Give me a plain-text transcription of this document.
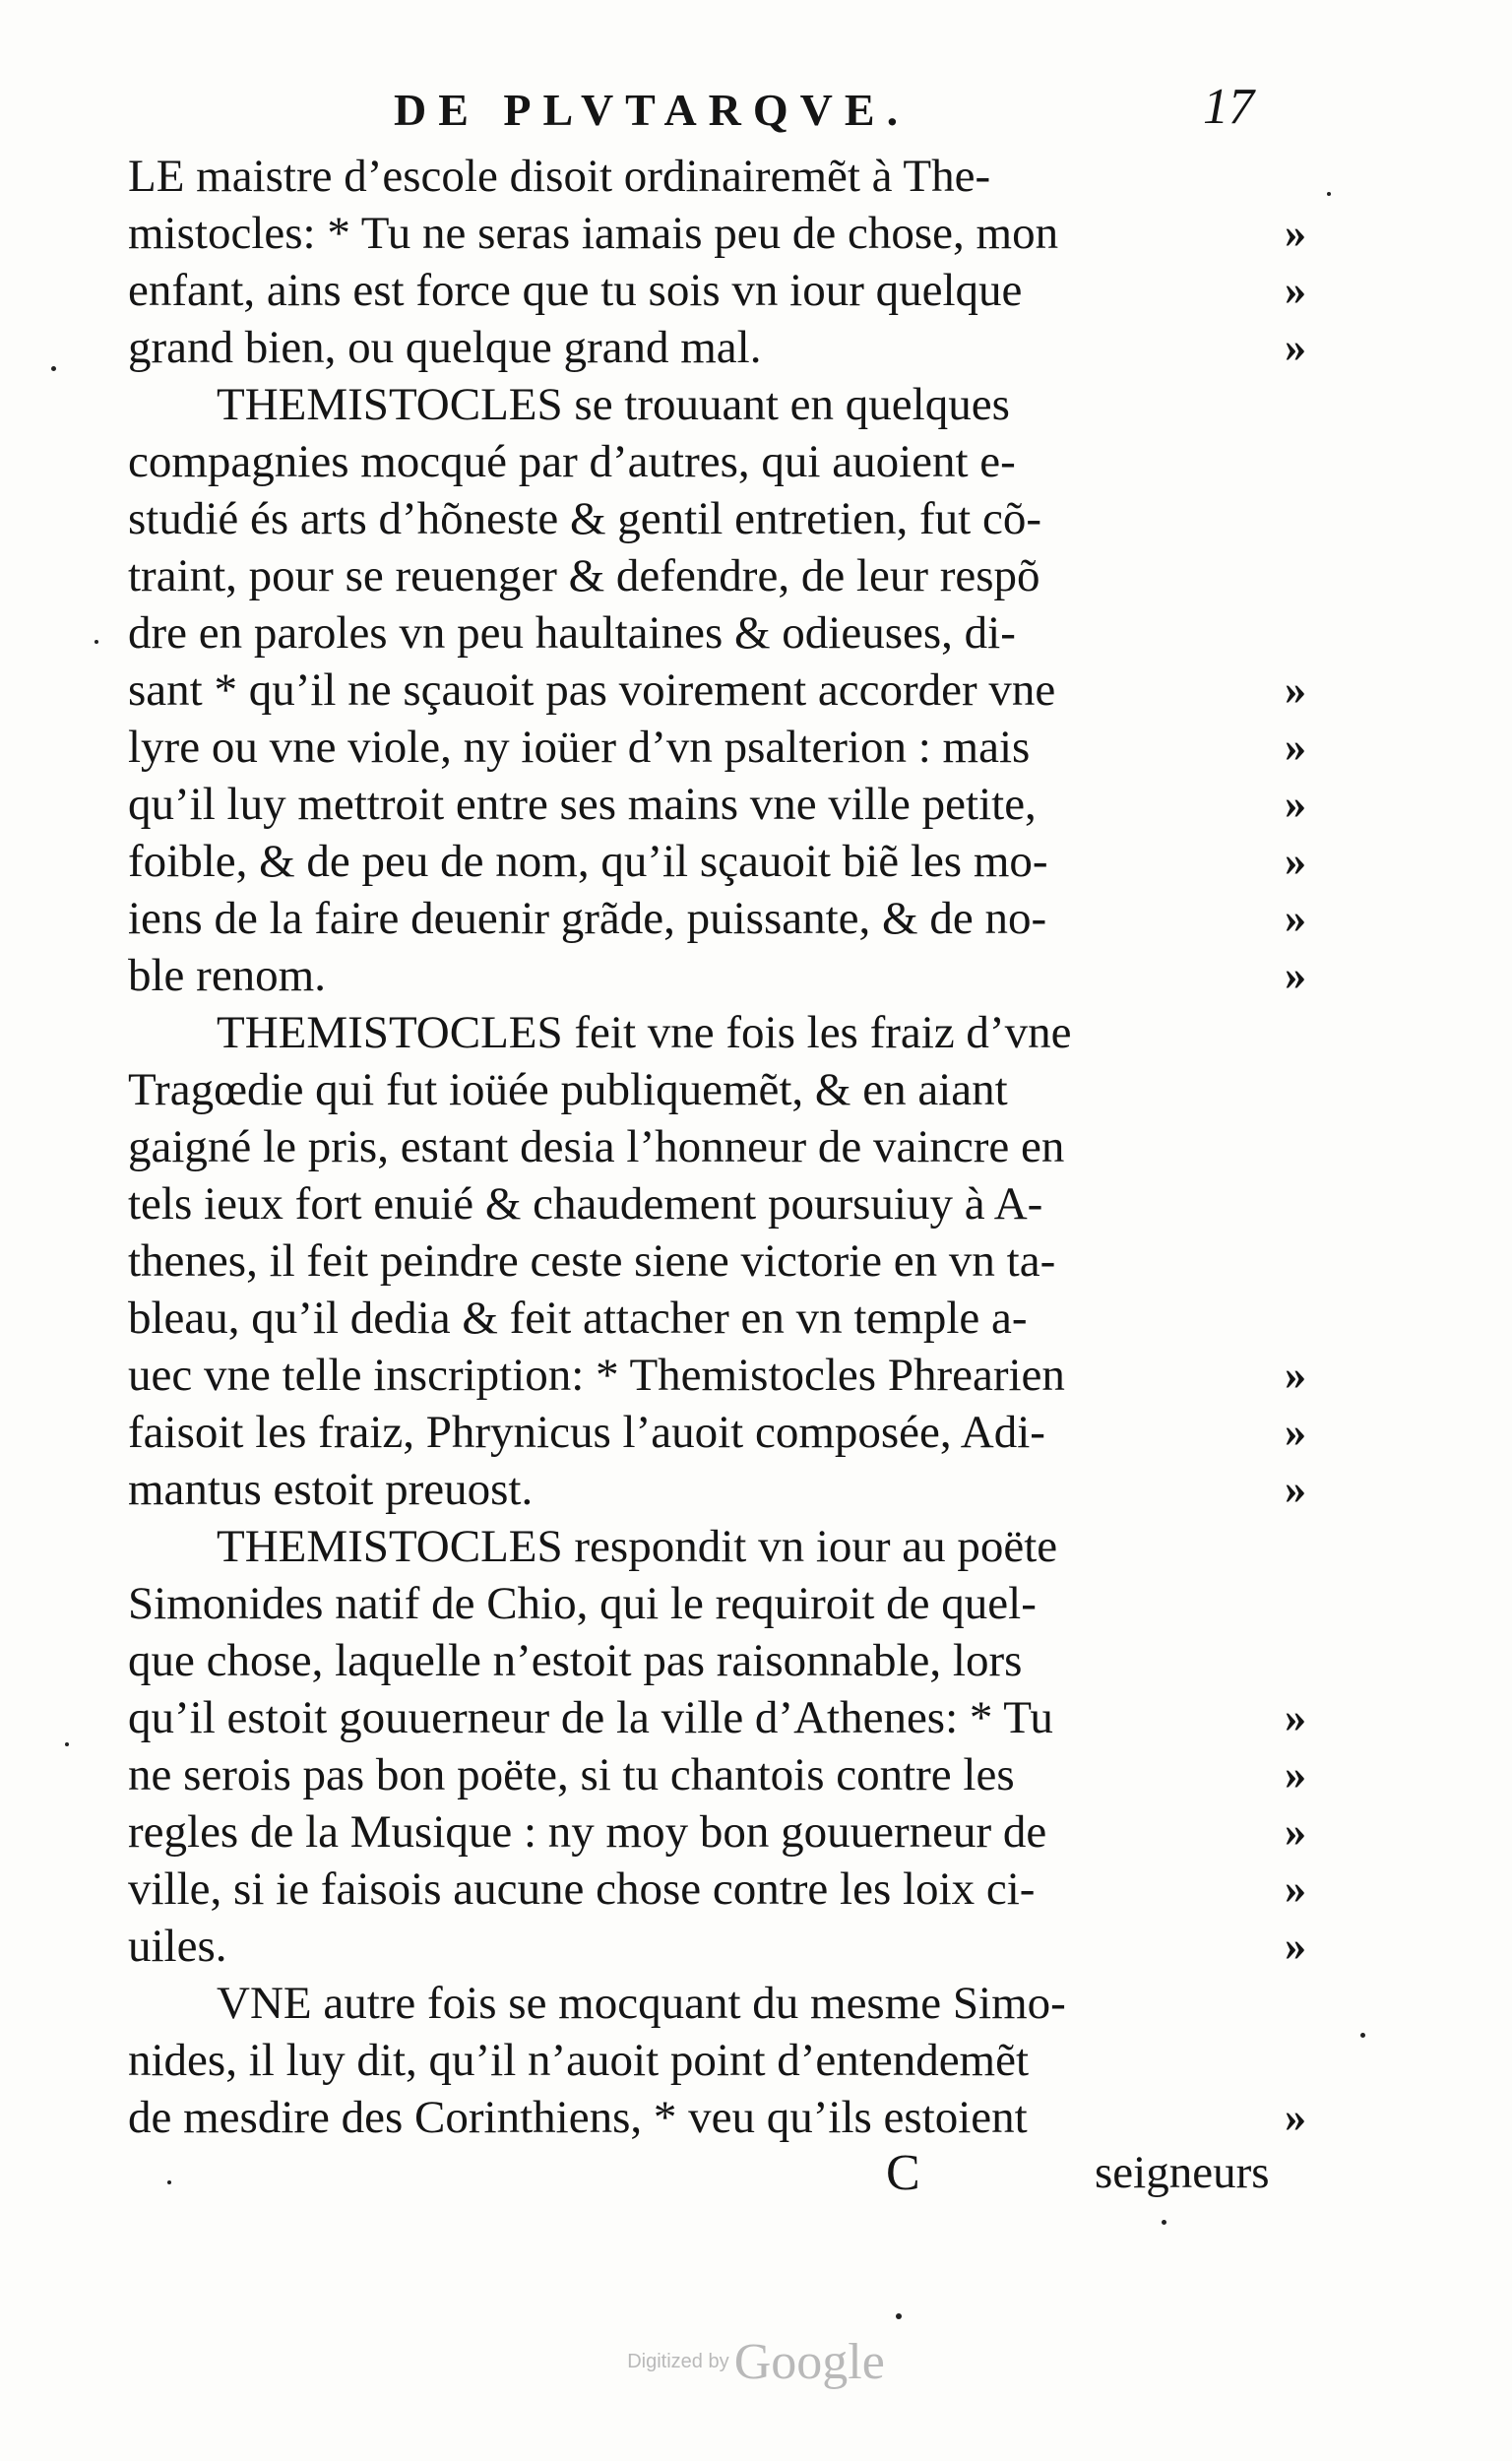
DE PLVTARQVE.	17
LE maistre d’escole disoit ordinairemẽt à The-
mistocles: * Tu ne seras iamais peu de chose, mon	»
enfant, ains est force que tu sois vn iour quelque	»
grand bien, ou quelque grand mal.	»
THEMISTOCLES se trouuant en quelques
compagnies mocqué par d’autres, qui auoient e-
studié és arts d’hõneste & gentil entretien, fut cõ-
traint, pour se reuenger & defendre, de leur respõ
dre en paroles vn peu haultaines & odieuses, di-
sant * qu’il ne sçauoit pas voirement accorder vne	»
lyre ou vne viole, ny ioüer d’vn psalterion : mais	»
qu’il luy mettroit entre ses mains vne ville petite,	»
foible, & de peu de nom, qu’il sçauoit biẽ les mo-	»
iens de la faire deuenir grãde, puissante, & de no-	»
ble renom.	»
THEMISTOCLES feit vne fois les fraiz d’vne
Tragœdie qui fut ioüée publiquemẽt, & en aiant
gaigné le pris, estant desia l’honneur de vaincre en
tels ieux fort enuié & chaudement poursuiuy à A-
thenes, il feit peindre ceste siene victorie en vn ta-
bleau, qu’il dedia & feit attacher en vn temple a-
uec vne telle inscription: * Themistocles Phrearien	»
faisoit les fraiz, Phrynicus l’auoit composée, Adi-	»
mantus estoit preuost.	»
THEMISTOCLES respondit vn iour au poëte
Simonides natif de Chio, qui le requiroit de quel-
que chose, laquelle n’estoit pas raisonnable, lors
qu’il estoit gouuerneur de la ville d’Athenes: * Tu	»
ne serois pas bon poëte, si tu chantois contre les	»
regles de la Musique : ny moy bon gouuerneur de	»
ville, si ie faisois aucune chose contre les loix ci-	»
uiles.	»
VNE autre fois se mocquant du mesme Simo-
nides, il luy dit, qu’il n’auoit point d’entendemẽt
de mesdire des Corinthiens, * veu qu’ils estoient	»
C	seigneurs
Digitized by Google
